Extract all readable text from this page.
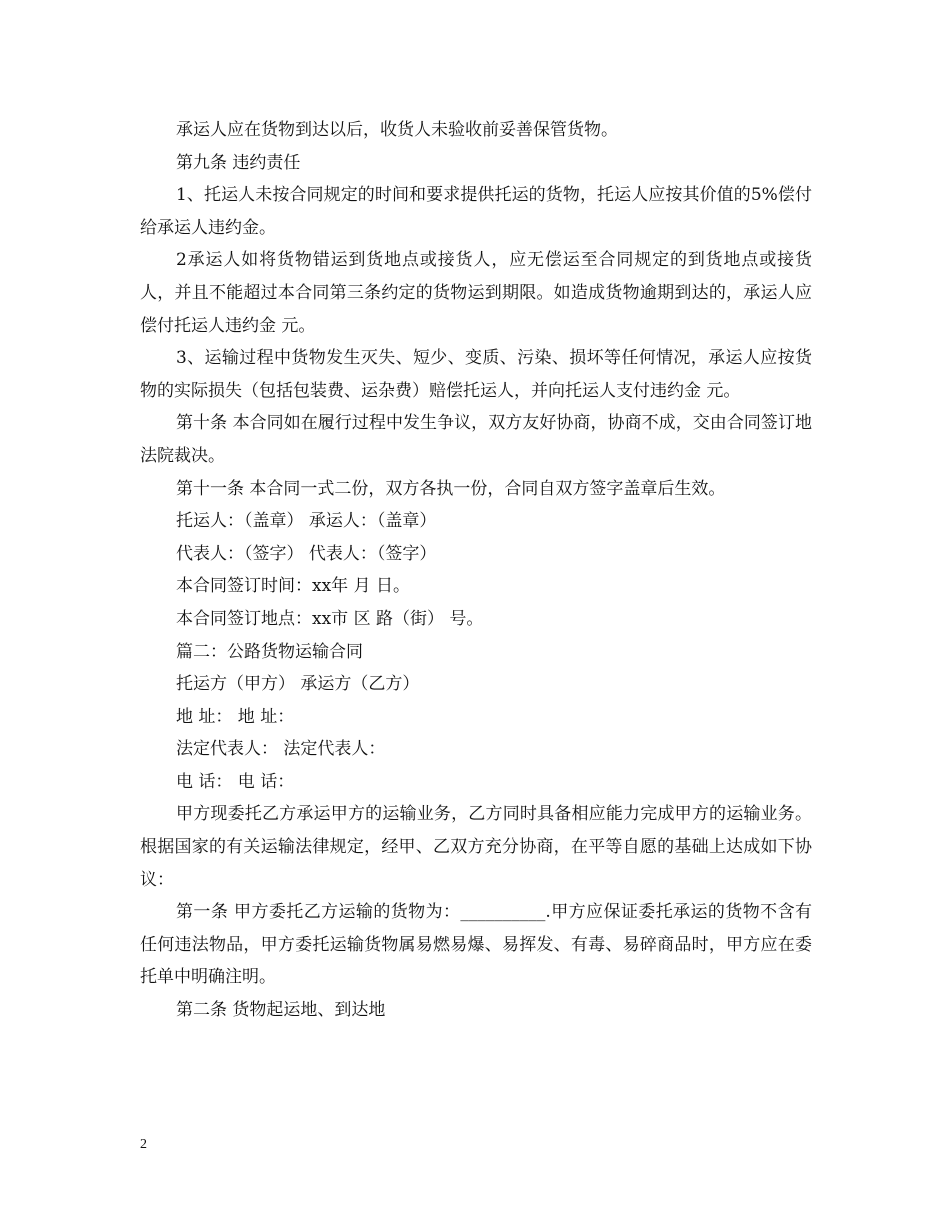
承运人应在货物到达以后，收货人未验收前妥善保管货物。

第九条 违约责任

1、托运人未按合同规定的时间和要求提供托运的货物，托运人应按其价值的5%偿付给承运人违约金。

2承运人如将货物错运到货地点或接货人，应无偿运至合同规定的到货地点或接货人，并且不能超过本合同第三条约定的货物运到期限。如造成货物逾期到达的，承运人应偿付托运人违约金 元。

3、运输过程中货物发生灭失、短少、变质、污染、损坏等任何情况，承运人应按货物的实际损失（包括包装费、运杂费）赔偿托运人，并向托运人支付违约金 元。

第十条 本合同如在履行过程中发生争议，双方友好协商，协商不成，交由合同签订地法院裁决。

第十一条 本合同一式二份，双方各执一份，合同自双方签字盖章后生效。

托运人：（盖章） 承运人：（盖章）

代表人：（签字） 代表人：（签字）

本合同签订时间：xx年 月 日。

本合同签订地点：xx市 区 路（街） 号。

篇二：公路货物运输合同

托运方（甲方） 承运方（乙方）

地 址： 地 址：

法定代表人： 法定代表人：

电 话： 电 话：

甲方现委托乙方承运甲方的运输业务，乙方同时具备相应能力完成甲方的运输业务。根据国家的有关运输法律规定，经甲、乙双方充分协商，在平等自愿的基础上达成如下协议：

第一条 甲方委托乙方运输的货物为：__________.甲方应保证委托承运的货物不含有任何违法物品，甲方委托运输货物属易燃易爆、易挥发、有毒、易碎商品时，甲方应在委托单中明确注明。

第二条 货物起运地、到达地

2
